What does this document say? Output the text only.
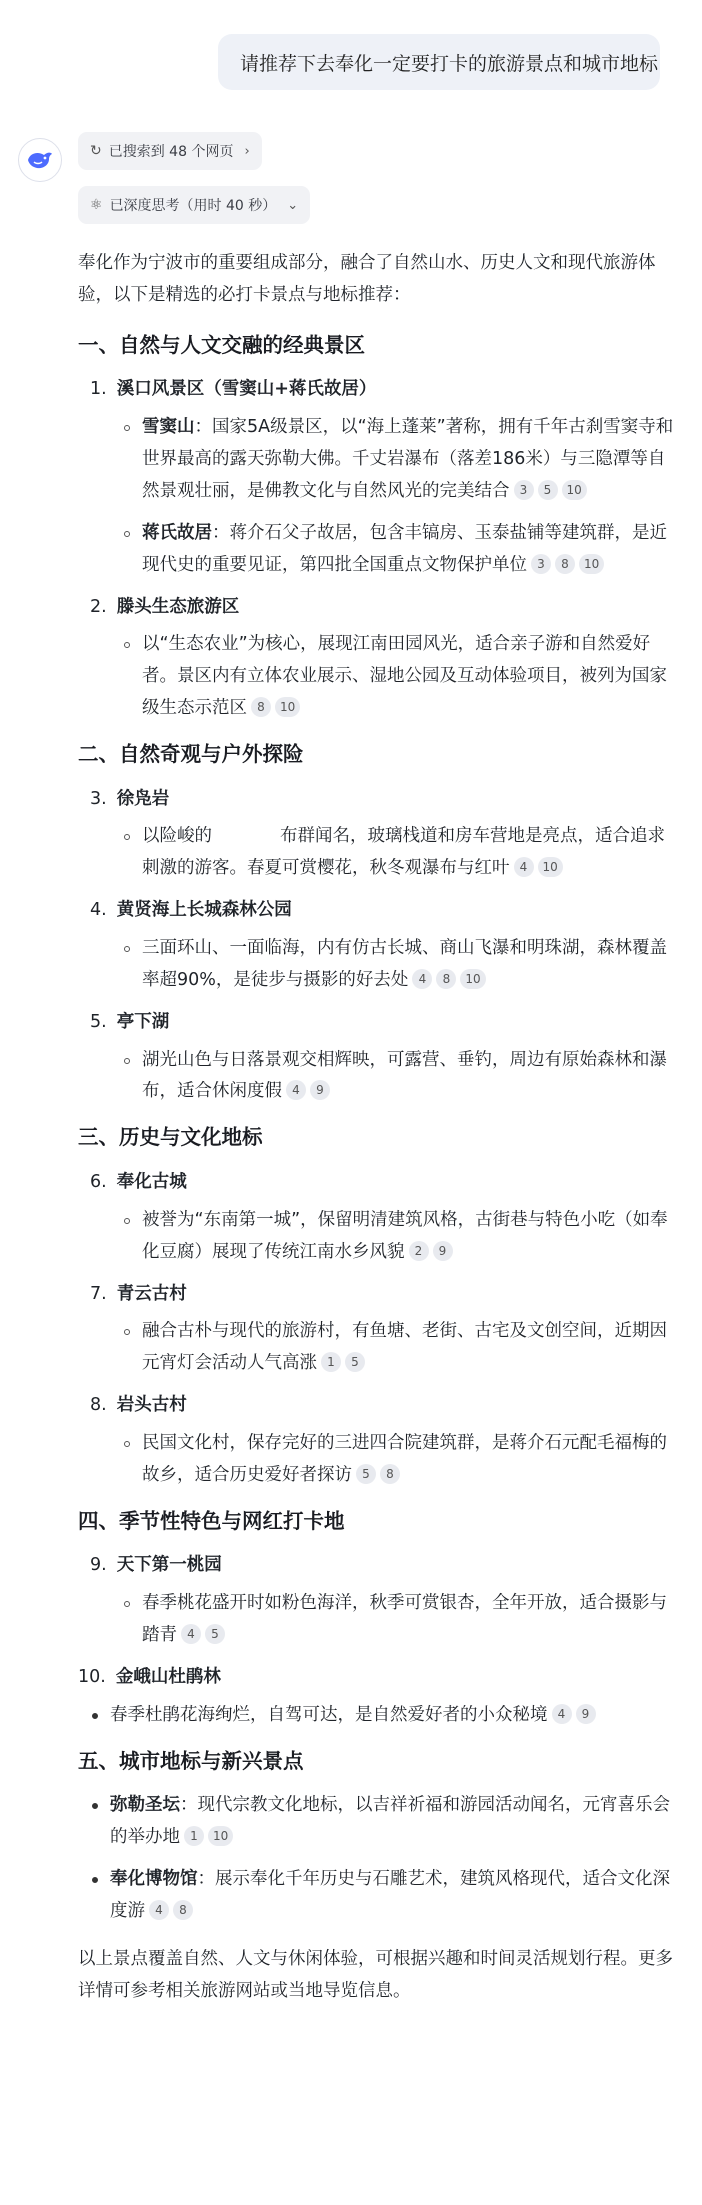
请推荐下去奉化一定要打卡的旅游景点和城市地标
↻ 已搜索到 48 个网页 ›
⚛ 已深度思考（用时 40 秒） ⌄

奉化作为宁波市的重要组成部分，融合了自然山水、历史人文和现代旅游体验，以下是精选的必打卡景点与地标推荐：

一、自然与人文交融的经典景区
1. 溪口风景区（雪窦山+蒋氏故居）
雪窦山：国家5A级景区，以“海上蓬莱”著称，拥有千年古刹雪窦寺和世界最高的露天弥勒大佛。千丈岩瀑布（落差186米）与三隐潭等自然景观壮丽，是佛教文化与自然风光的完美结合 3 5 10
蒋氏故居：蒋介石父子故居，包含丰镐房、玉泰盐铺等建筑群，是近现代史的重要见证，第四批全国重点文物保护单位 3 8 10
2. 滕头生态旅游区
以“生态农业”为核心，展现江南田园风光，适合亲子游和自然爱好者。景区内有立体农业展示、湿地公园及互动体验项目，被列为国家级生态示范区 8 10
二、自然奇观与户外探险
3. 徐凫岩
以险峻的	布群闻名，玻璃栈道和房车营地是亮点，适合追求刺激的游客。春夏可赏樱花，秋冬观瀑布与红叶 4 10
4. 黄贤海上长城森林公园
三面环山、一面临海，内有仿古长城、商山飞瀑和明珠湖，森林覆盖率超90%，是徒步与摄影的好去处 4 8 10
5. 亭下湖
湖光山色与日落景观交相辉映，可露营、垂钓，周边有原始森林和瀑布，适合休闲度假 4 9
三、历史与文化地标
6. 奉化古城
被誉为“东南第一城”，保留明清建筑风格，古街巷与特色小吃（如奉化豆腐）展现了传统江南水乡风貌 2 9
7. 青云古村
融合古朴与现代的旅游村，有鱼塘、老街、古宅及文创空间，近期因元宵灯会活动人气高涨 1 5
8. 岩头古村
民国文化村，保存完好的三进四合院建筑群，是蒋介石元配毛福梅的故乡，适合历史爱好者探访 5 8
四、季节性特色与网红打卡地
9. 天下第一桃园
春季桃花盛开时如粉色海洋，秋季可赏银杏，全年开放，适合摄影与踏青 4 5
10. 金峨山杜鹃林
春季杜鹃花海绚烂，自驾可达，是自然爱好者的小众秘境 4 9
五、城市地标与新兴景点
弥勒圣坛：现代宗教文化地标，以吉祥祈福和游园活动闻名，元宵喜乐会的举办地 1 10
奉化博物馆：展示奉化千年历史与石雕艺术，建筑风格现代，适合文化深度游 4 8

以上景点覆盖自然、人文与休闲体验，可根据兴趣和时间灵活规划行程。更多详情可参考相关旅游网站或当地导览信息。
